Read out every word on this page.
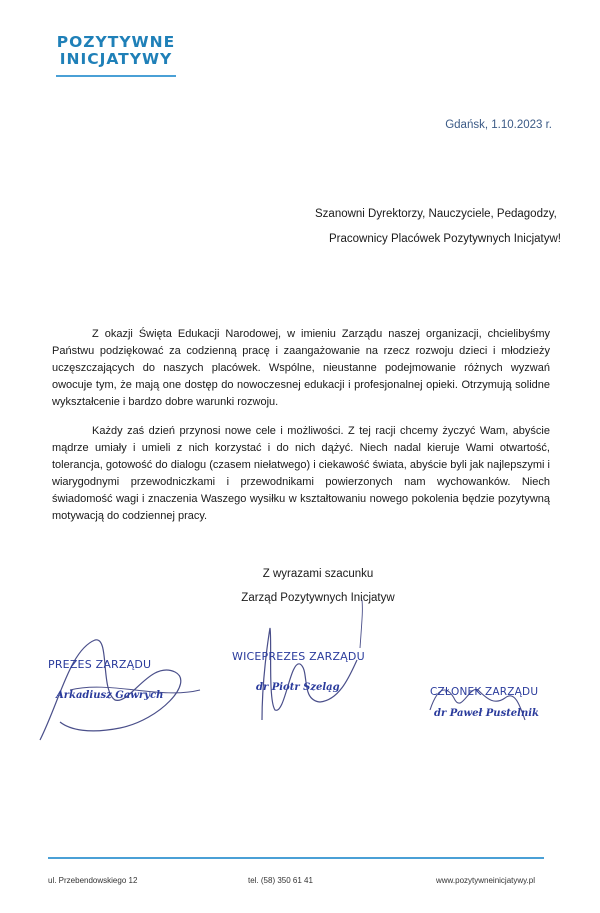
POZYTYWNE
INICJATYWY
Gdańsk, 1.10.2023 r.
Szanowni Dyrektorzy, Nauczyciele, Pedagodzy,
Pracownicy Placówek Pozytywnych Inicjatyw!

Z okazji Święta Edukacji Narodowej, w imieniu Zarządu naszej organizacji, chcielibyśmy Państwu podziękować za codzienną pracę i zaangażowanie na rzecz rozwoju dzieci i młodzieży uczęszczających do naszych placówek. Wspólne, nieustanne podejmowanie różnych wyzwań owocuje tym, że mają one dostęp do nowoczesnej edukacji i profesjonalnej opieki. Otrzymują solidne wykształcenie i bardzo dobre warunki rozwoju.

Każdy zaś dzień przynosi nowe cele i możliwości. Z tej racji chcemy życzyć Wam, abyście mądrze umiały i umieli z nich korzystać i do nich dążyć. Niech nadal kieruje Wami otwartość, tolerancja, gotowość do dialogu (czasem niełatwego) i ciekawość świata, abyście byli jak najlepszymi i wiarygodnymi przewodniczkami i przewodnikami powierzonych nam wychowanków. Niech świadomość wagi i znaczenia Waszego wysiłku w kształtowaniu nowego pokolenia będzie pozytywną motywacją do codziennej pracy.

Z wyrazami szacunku
Zarząd Pozytywnych Inicjatyw
PREZES ZARZĄDU
Arkadiusz Gawrych
WICEPREZES ZARZĄDU
dr Piotr Szeląg	CZŁONEK ZARZĄDU
dr Paweł Pustelnik
ul. Przebendowskiego 12	tel. (58) 350 61 41	www.pozytywneinicjatywy.pl
